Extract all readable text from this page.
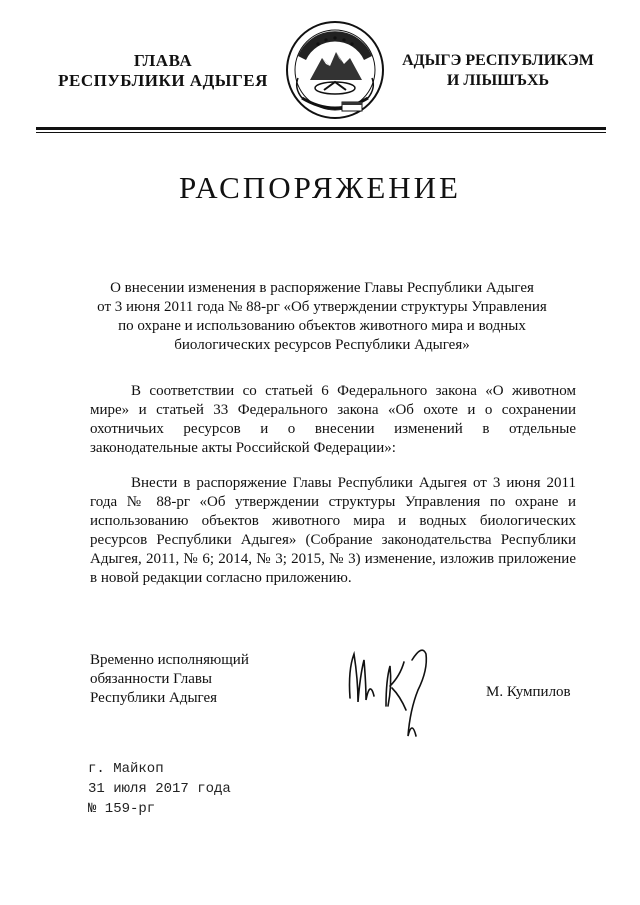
ГЛАВА
РЕСПУБЛИКИ АДЫГЕЯ
АДЫГЭ РЕСПУБЛИКЭМ
И ЛІЫШЪХЬ
РАСПОРЯЖЕНИЕ
О внесении изменения в распоряжение Главы Республики Адыгея
от 3 июня 2011 года № 88-рг «Об утверждении структуры Управления
по охране и использованию объектов животного мира и водных
биологических ресурсов Республики Адыгея»

В соответствии со статьей 6 Федерального закона «О животном мире» и статьей 33 Федерального закона «Об охоте и о сохранении охотничьих ресурсов и о внесении изменений в отдельные законодательные акты Российской Федерации»:

Внести в распоряжение Главы Республики Адыгея от 3 июня 2011 года № 88-рг «Об утверждении структуры Управления по охране и использованию объектов животного мира и водных биологических ресурсов Республики Адыгея» (Собрание законодательства Республики Адыгея, 2011, № 6; 2014, № 3; 2015, № 3) изменение, изложив приложение в новой редакции согласно приложению.

Временно исполняющий
обязанности Главы
Республики Адыгея	М. Кумпилов
г. Майкоп
31 июля 2017 года
№ 159-рг
